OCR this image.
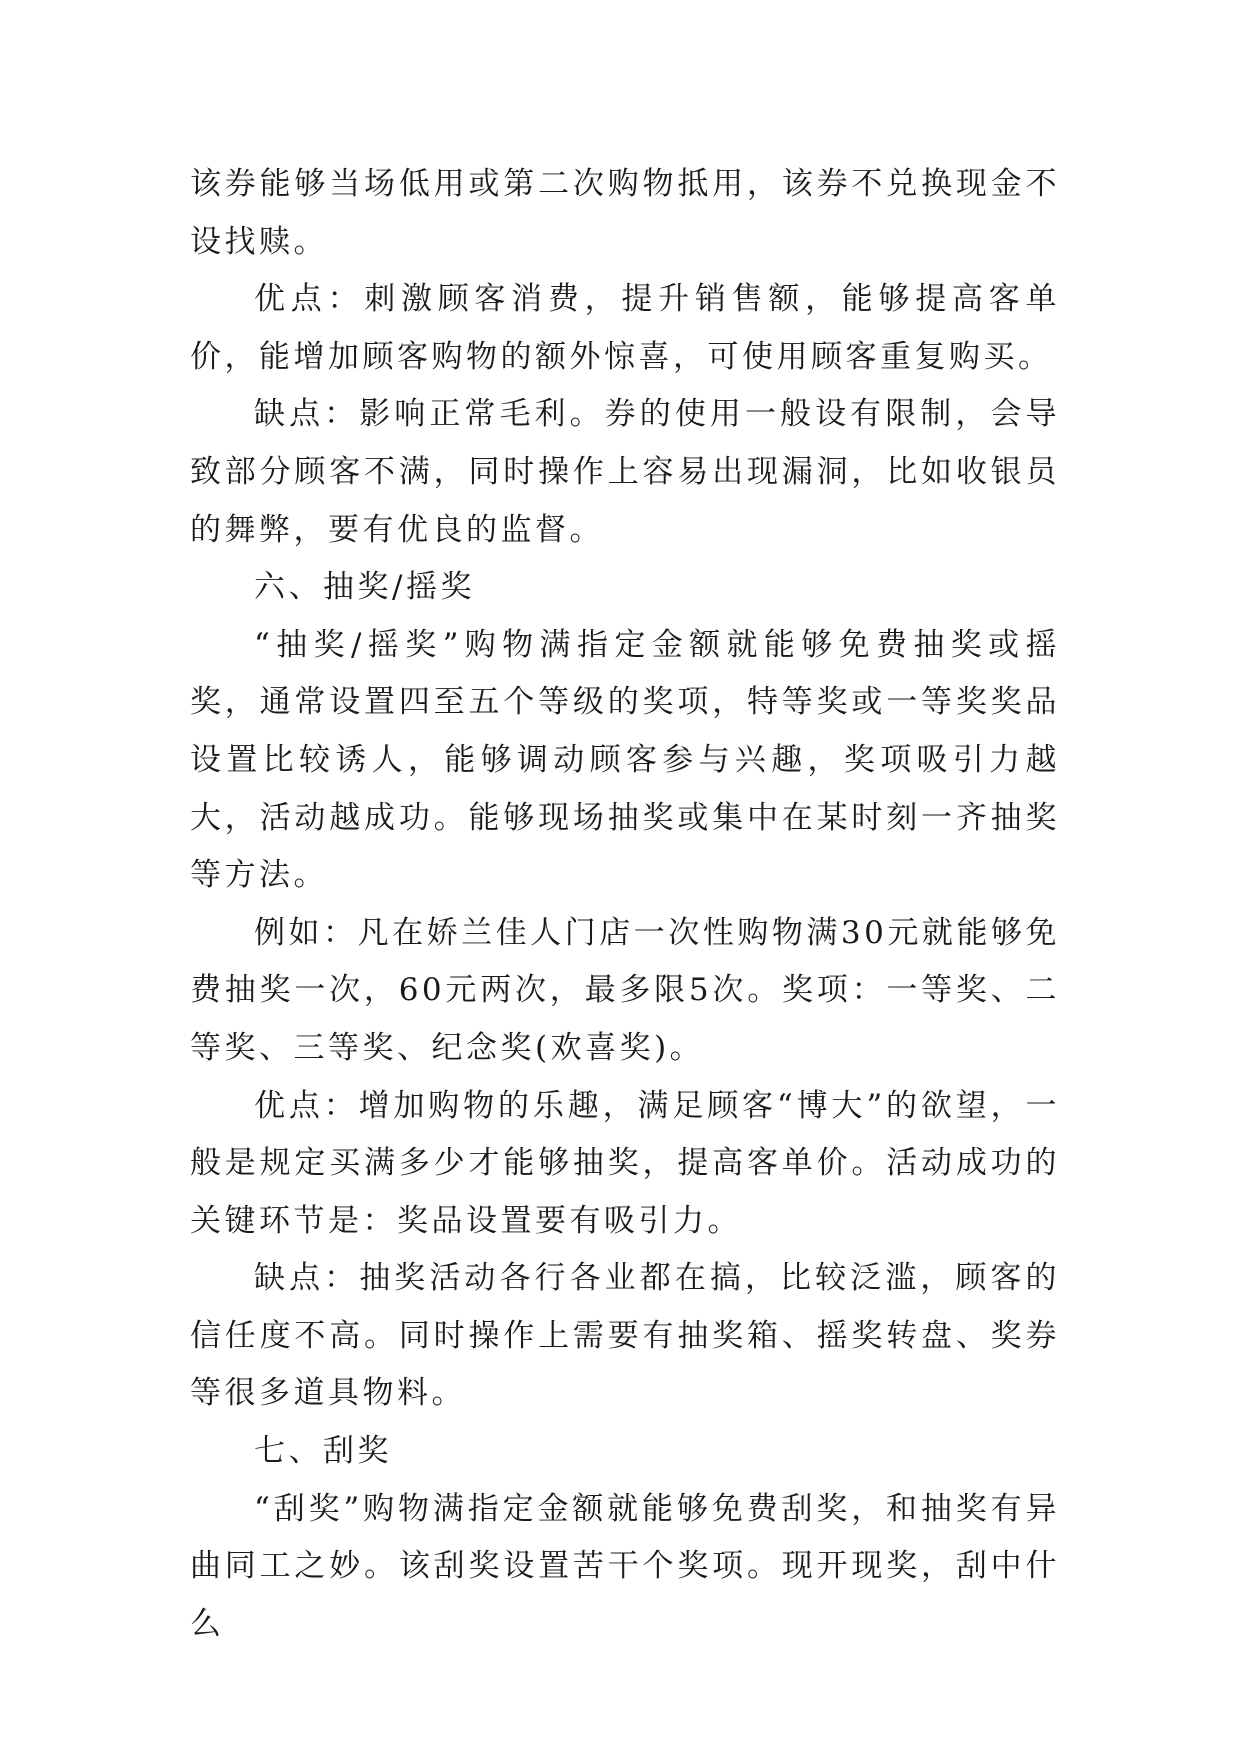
该券能够当场低用或第二次购物抵用，该券不兑换现金不设找赎。

优点：刺激顾客消费，提升销售额，能够提高客单价，能增加顾客购物的额外惊喜，可使用顾客重复购买。

缺点：影响正常毛利。券的使用一般设有限制，会导致部分顾客不满，同时操作上容易出现漏洞，比如收银员的舞弊，要有优良的监督。

六、抽奖/摇奖

“抽奖/摇奖”购物满指定金额就能够免费抽奖或摇奖，通常设置四至五个等级的奖项，特等奖或一等奖奖品设置比较诱人，能够调动顾客参与兴趣，奖项吸引力越大，活动越成功。能够现场抽奖或集中在某时刻一齐抽奖等方法。

例如：凡在娇兰佳人门店一次性购物满30元就能够免费抽奖一次，60元两次，最多限5次。奖项：一等奖、二等奖、三等奖、纪念奖(欢喜奖)。

优点：增加购物的乐趣，满足顾客“博大”的欲望，一般是规定买满多少才能够抽奖，提高客单价。活动成功的关键环节是：奖品设置要有吸引力。

缺点：抽奖活动各行各业都在搞，比较泛滥，顾客的信任度不高。同时操作上需要有抽奖箱、摇奖转盘、奖券等很多道具物料。

七、刮奖

“刮奖”购物满指定金额就能够免费刮奖，和抽奖有异曲同工之妙。该刮奖设置苦干个奖项。现开现奖，刮中什么
